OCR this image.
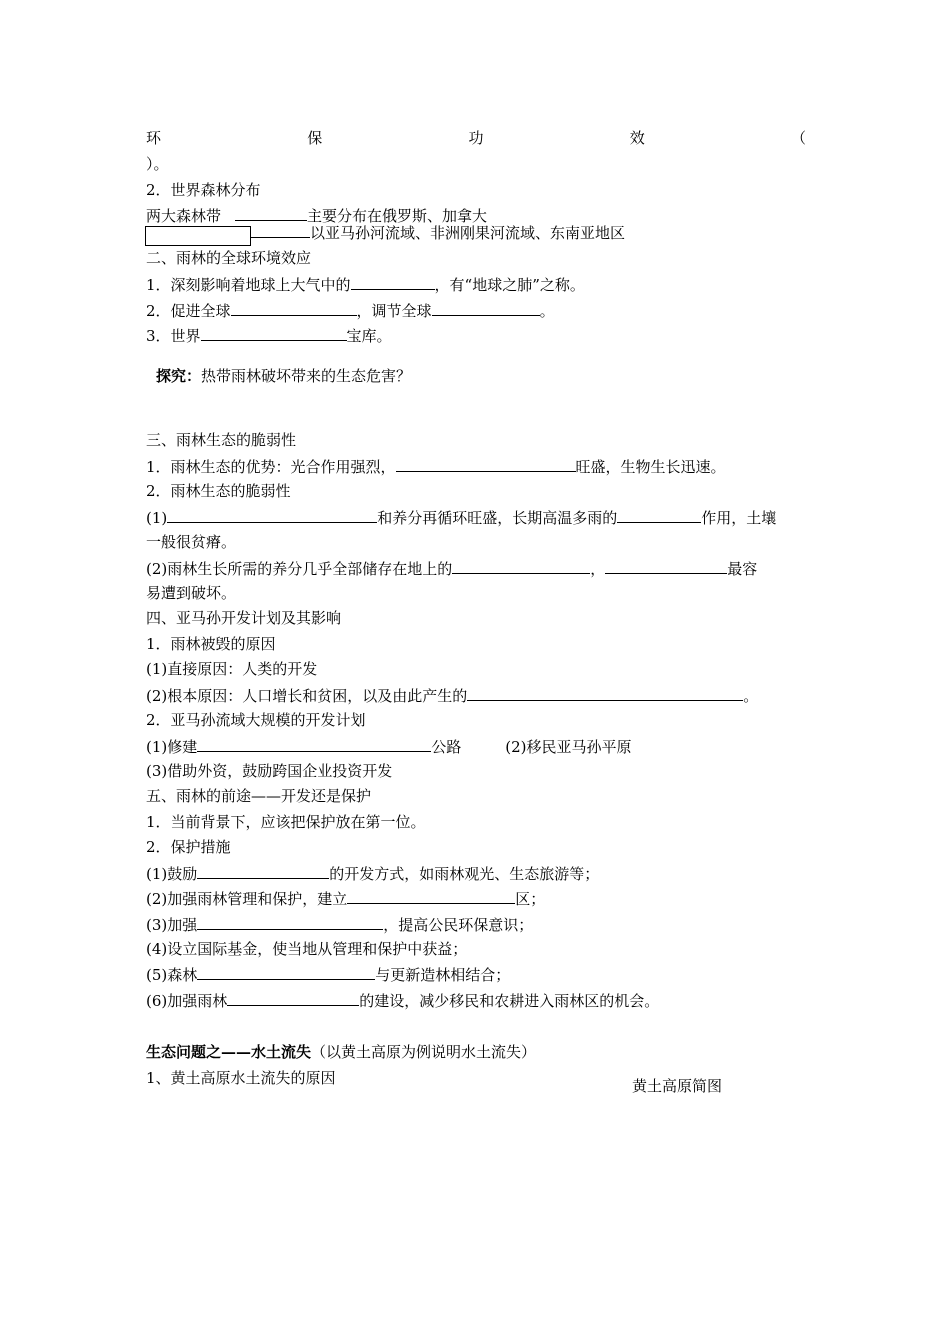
环	保	功	效	（
）。
2．世界森林分布
两大森林带	主要分布在俄罗斯、加拿大
以亚马孙河流域、非洲刚果河流域、东南亚地区
二、雨林的全球环境效应
1．深刻影响着地球上大气中的	，有“地球之肺”之称。
2．促进全球	，调节全球	。
3．世界	宝库。
探究：热带雨林破坏带来的生态危害？
三、雨林生态的脆弱性
1．雨林生态的优势：光合作用强烈，	旺盛，生物生长迅速。
2．雨林生态的脆弱性
(1)	和养分再循环旺盛，长期高温多雨的	作用，土壤
一般很贫瘠。
(2)雨林生长所需的养分几乎全部储存在地上的	，	最容
易遭到破坏。
四、亚马孙开发计划及其影响
1．雨林被毁的原因
(1)直接原因：人类的开发
(2)根本原因：人口增长和贫困，以及由此产生的	。
2．亚马孙流域大规模的开发计划
(1)修建	公路	(2)移民亚马孙平原
(3)借助外资，鼓励跨国企业投资开发
五、雨林的前途——开发还是保护
1．当前背景下，应该把保护放在第一位。
2．保护措施
(1)鼓励	的开发方式，如雨林观光、生态旅游等；
(2)加强雨林管理和保护，建立	区；
(3)加强	，提高公民环保意识；
(4)设立国际基金，使当地从管理和保护中获益；
(5)森林	与更新造林相结合；
(6)加强雨林	的建设，减少移民和农耕进入雨林区的机会。
生态问题之——水土流失（以黄土高原为例说明水土流失）
1、黄土高原水土流失的原因	黄土高原简图
